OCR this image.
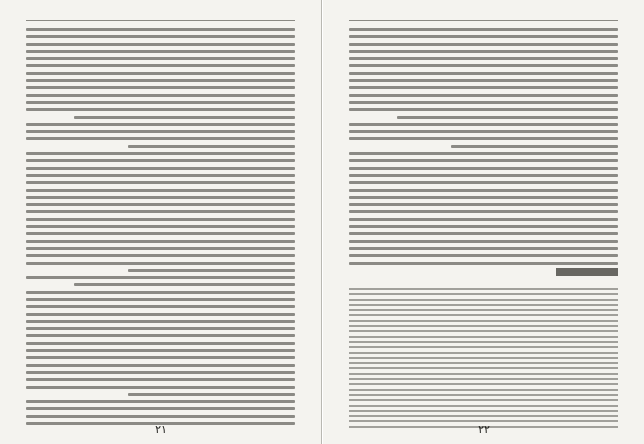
۲۱	۲۲
